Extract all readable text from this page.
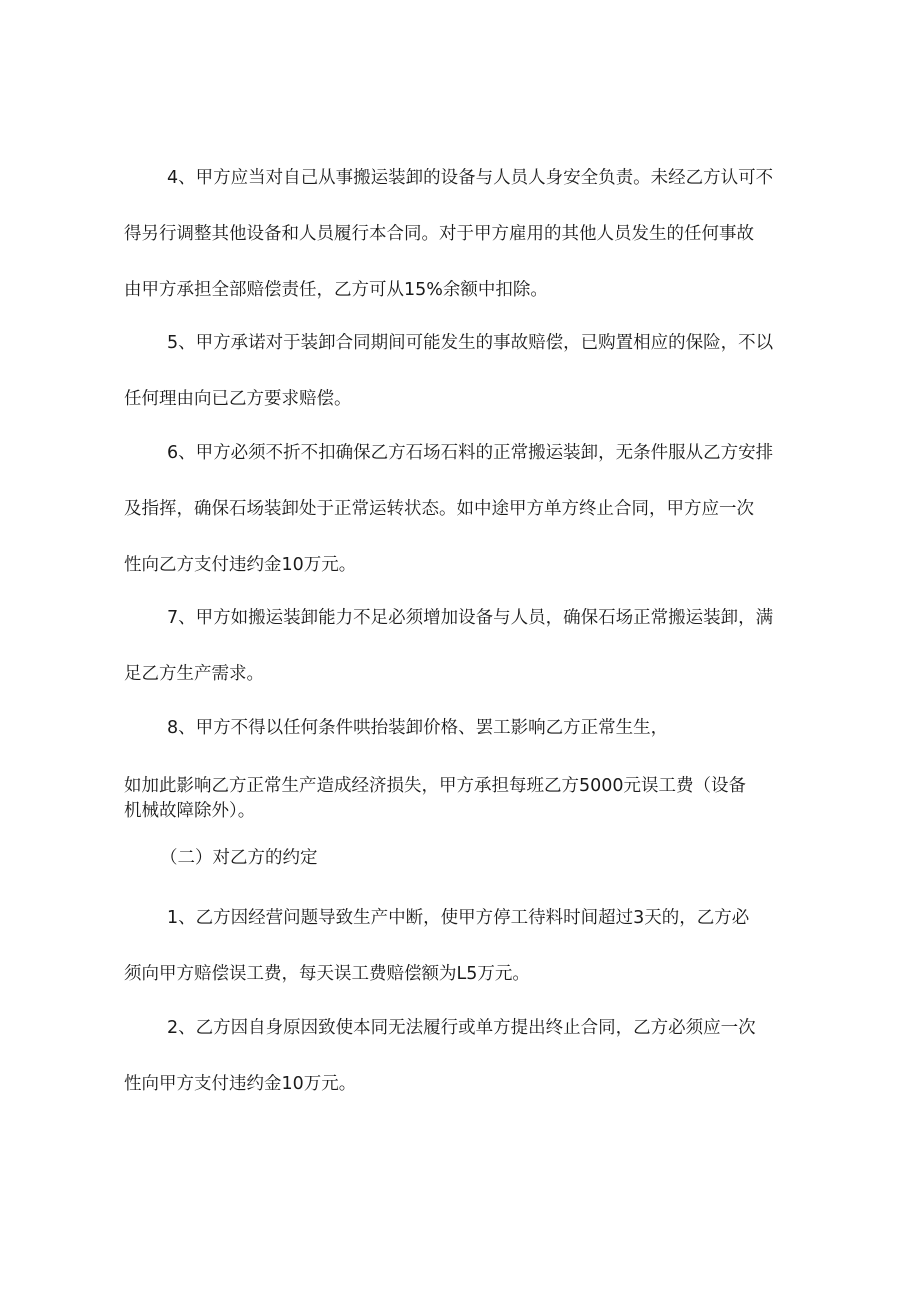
4、甲方应当对自己从事搬运装卸的设备与人员人身安全负责。未经乙方认可不
得另行调整其他设备和人员履行本合同。对于甲方雇用的其他人员发生的任何事故
由甲方承担全部赔偿责任，乙方可从15%余额中扣除。
5、甲方承诺对于装卸合同期间可能发生的事故赔偿，已购置相应的保险，不以
任何理由向已乙方要求赔偿。
6、甲方必须不折不扣确保乙方石场石料的正常搬运装卸，无条件服从乙方安排
及指挥，确保石场装卸处于正常运转状态。如中途甲方单方终止合同，甲方应一次
性向乙方支付违约金10万元。
7、甲方如搬运装卸能力不足必须增加设备与人员，确保石场正常搬运装卸，满
足乙方生产需求。
8、甲方不得以任何条件哄抬装卸价格、罢工影响乙方正常生生，
如加此影响乙方正常生产造成经济损失，甲方承担每班乙方5000元误工费（设备
机械故障除外）。
（二）对乙方的约定
1、乙方因经营问题导致生产中断，使甲方停工待料时间超过3天的，乙方必
须向甲方赔偿误工费，每天误工费赔偿额为L5万元。
2、乙方因自身原因致使本同无法履行或单方提出终止合同，乙方必须应一次
性向甲方支付违约金10万元。
